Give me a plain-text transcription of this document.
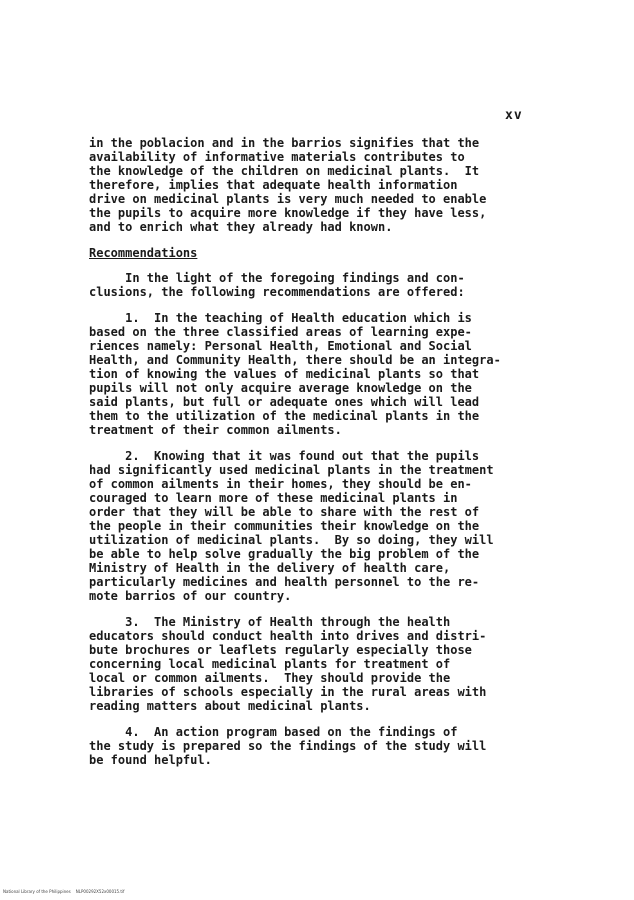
xv
in the poblacion and in the barrios signifies that the
availability of informative materials contributes to
the knowledge of the children on medicinal plants.  It
therefore, implies that adequate health information
drive on medicinal plants is very much needed to enable
the pupils to acquire more knowledge if they have less,
and to enrich what they already had known.
Recommendations
In the light of the foregoing findings and con-
clusions, the following recommendations are offered:
1.  In the teaching of Health education which is
based on the three classified areas of learning expe-
riences namely: Personal Health, Emotional and Social
Health, and Community Health, there should be an integra-
tion of knowing the values of medicinal plants so that
pupils will not only acquire average knowledge on the
said plants, but full or adequate ones which will lead
them to the utilization of the medicinal plants in the
treatment of their common ailments.
2.  Knowing that it was found out that the pupils
had significantly used medicinal plants in the treatment
of common ailments in their homes, they should be en-
couraged to learn more of these medicinal plants in
order that they will be able to share with the rest of
the people in their communities their knowledge on the
utilization of medicinal plants.  By so doing, they will
be able to help solve gradually the big problem of the
Ministry of Health in the delivery of health care,
particularly medicines and health personnel to the re-
mote barrios of our country.
3.  The Ministry of Health through the health
educators should conduct health into drives and distri-
bute brochures or leaflets regularly especially those
concerning local medicinal plants for treatment of
local or common ailments.  They should provide the
libraries of schools especially in the rural areas with
reading matters about medicinal plants.
4.  An action program based on the findings of
the study is prepared so the findings of the study will
be found helpful.
National Library of the Philippines    NLP00292X52x00015.tif
